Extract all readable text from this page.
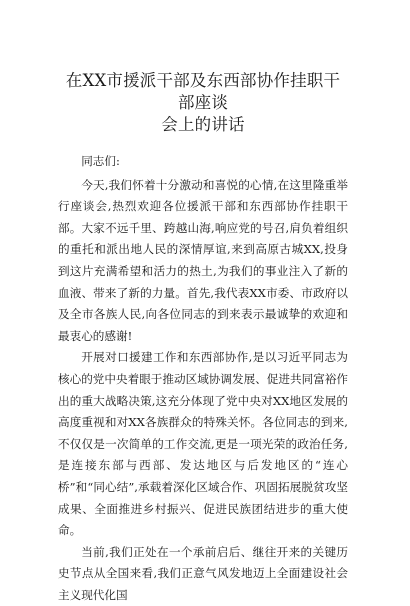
在XX市援派干部及东西部协作挂职干部座谈
会上的讲话

同志们:

今天,我们怀着十分激动和喜悦的心情,在这里隆重举行座谈会,热烈欢迎各位援派干部和东西部协作挂职干部。大家不远千里、跨越山海,响应党的号召,肩负着组织的重托和派出地人民的深情厚谊,来到高原古城XX,投身到这片充满希望和活力的热土,为我们的事业注入了新的血液、带来了新的力量。首先,我代表XX市委、市政府以及全市各族人民,向各位同志的到来表示最诚挚的欢迎和最衷心的感谢!

开展对口援建工作和东西部协作,是以习近平同志为核心的党中央着眼于推动区域协调发展、促进共同富裕作出的重大战略决策,这充分体现了党中央对XX地区发展的高度重视和对XX各族群众的特殊关怀。各位同志的到来,不仅仅是一次简单的工作交流,更是一项光荣的政治任务,是连接东部与西部、发达地区与后发地区的“连心桥”和“同心结”,承载着深化区域合作、巩固拓展脱贫攻坚成果、全面推进乡村振兴、促进民族团结进步的重大使命。

当前,我们正处在一个承前启后、继往开来的关键历史节点从全国来看,我们正意气风发地迈上全面建设社会主义现代化国
